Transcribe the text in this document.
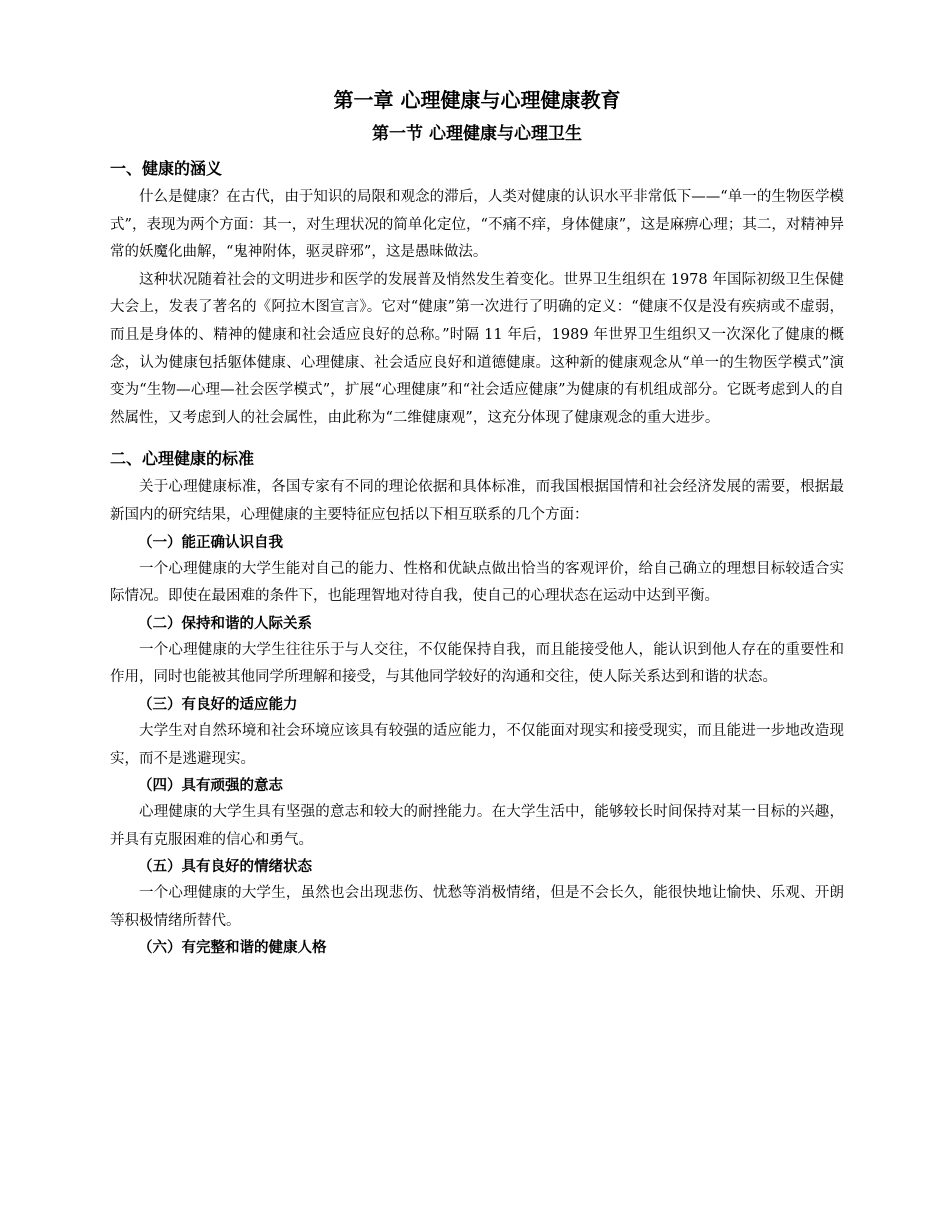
第一章 心理健康与心理健康教育
第一节 心理健康与心理卫生
一、健康的涵义

什么是健康？在古代，由于知识的局限和观念的滞后，人类对健康的认识水平非常低下——“单一的生物医学模式”，表现为两个方面：其一，对生理状况的简单化定位，“不痛不痒，身体健康”，这是麻痹心理；其二，对精神异常的妖魔化曲解，“鬼神附体，驱灵辟邪”，这是愚昧做法。

这种状况随着社会的文明进步和医学的发展普及悄然发生着变化。世界卫生组织在 1978 年国际初级卫生保健大会上，发表了著名的《阿拉木图宣言》。它对“健康”第一次进行了明确的定义：“健康不仅是没有疾病或不虚弱，而且是身体的、精神的健康和社会适应良好的总称。”时隔 11 年后，1989 年世界卫生组织又一次深化了健康的概念，认为健康包括躯体健康、心理健康、社会适应良好和道德健康。这种新的健康观念从“单一的生物医学模式”演变为“生物—心理—社会医学模式”，扩展“心理健康”和“社会适应健康”为健康的有机组成部分。它既考虑到人的自然属性，又考虑到人的社会属性，由此称为“二维健康观”，这充分体现了健康观念的重大进步。

二、心理健康的标准

关于心理健康标准，各国专家有不同的理论依据和具体标准，而我国根据国情和社会经济发展的需要，根据最新国内的研究结果，心理健康的主要特征应包括以下相互联系的几个方面：

（一）能正确认识自我

一个心理健康的大学生能对自己的能力、性格和优缺点做出恰当的客观评价，给自己确立的理想目标较适合实际情况。即使在最困难的条件下，也能理智地对待自我，使自己的心理状态在运动中达到平衡。

（二）保持和谐的人际关系

一个心理健康的大学生往往乐于与人交往，不仅能保持自我，而且能接受他人，能认识到他人存在的重要性和作用，同时也能被其他同学所理解和接受，与其他同学较好的沟通和交往，使人际关系达到和谐的状态。

（三）有良好的适应能力

大学生对自然环境和社会环境应该具有较强的适应能力，不仅能面对现实和接受现实，而且能进一步地改造现实，而不是逃避现实。

（四）具有顽强的意志

心理健康的大学生具有坚强的意志和较大的耐挫能力。在大学生活中，能够较长时间保持对某一目标的兴趣，并具有克服困难的信心和勇气。

（五）具有良好的情绪状态

一个心理健康的大学生，虽然也会出现悲伤、忧愁等消极情绪，但是不会长久，能很快地让愉快、乐观、开朗等积极情绪所替代。

（六）有完整和谐的健康人格
